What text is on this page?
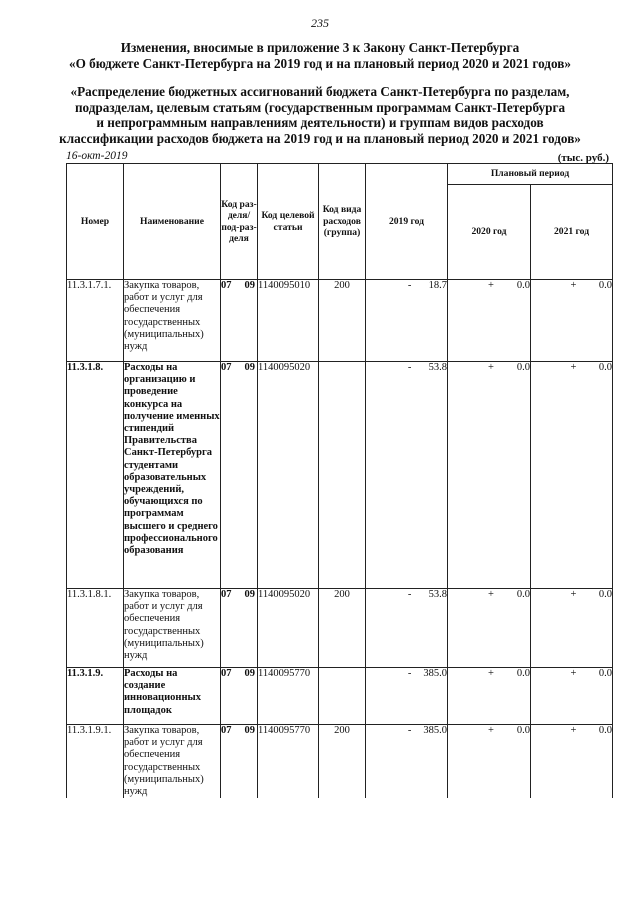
235
Изменения, вносимые в приложение 3 к Закону Санкт-Петербурга
«О бюджете Санкт-Петербурга на 2019 год и на плановый период 2020 и 2021 годов»
«Распределение бюджетных ассигнований бюджета Санкт-Петербурга по разделам,
подразделам, целевым статьям (государственным программам Санкт-Петербурга
и непрограммным направлениям деятельности) и группам видов расходов
классификации расходов бюджета на 2019 год и на плановый период 2020 и 2021 годов»
16-окт-2019	(тыс. руб.)
Номер	Наименование	Код раз-деля/ под-раз-деля	Код целевой статьи	Код вида расходов (группа)	2019 год	Плановый период	
						2020 год	2021 год
11.3.1.7.1.	Закупка товаров, работ и услуг для обеспечения государственных (муниципальных) нужд	07 09	1140095010	200	- 18.7	+ 0.0	+ 0.0

11.3.1.8.	Расходы на организацию и проведение конкурса на получение именных стипендий Правительства Санкт-Петербурга студентами образовательных учреждений, обучающихся по программам высшего и среднего профессионального образования	07 09	1140095020		- 53.8	+ 0.0	+ 0.0

11.3.1.8.1.	Закупка товаров, работ и услуг для обеспечения государственных (муниципальных) нужд	07 09	1140095020	200	- 53.8	+ 0.0	+ 0.0

11.3.1.9.	Расходы на создание инновационных площадок	07 09	1140095770		- 385.0	+ 0.0	+ 0.0

11.3.1.9.1.	Закупка товаров, работ и услуг для обеспечения государственных (муниципальных) нужд	07 09	1140095770	200	- 385.0	+ 0.0	+ 0.0
